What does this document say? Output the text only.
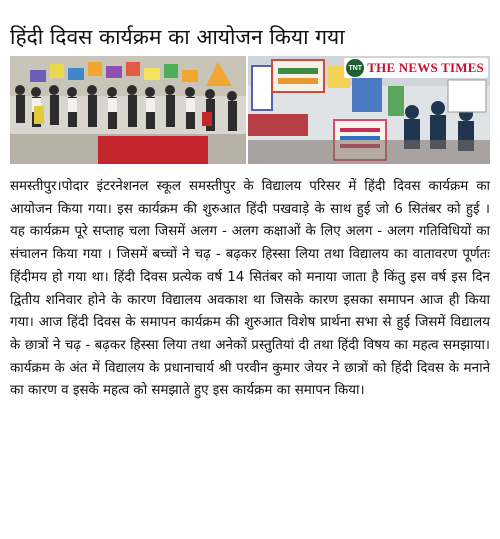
हिंदी दिवस कार्यक्रम का आयोजन किया गया
TNT THE NEWS TIMES

समस्तीपुर।पोदार इंटरनेशनल स्कूल समस्तीपुर के विद्यालय परिसर में हिंदी दिवस कार्यक्रम का आयोजन किया गया। इस कार्यक्रम की शुरुआत हिंदी पखवाड़े के साथ हुई जो 6 सितंबर को हुई । यह कार्यक्रम पूरे सप्ताह चला जिसमें अलग - अलग कक्षाओं के लिए अलग - अलग गतिविधियों का संचालन किया गया । जिसमें बच्चों ने चढ़ - बढ़कर हिस्सा लिया तथा विद्यालय का वातावरण पूर्णतः हिंदीमय हो गया था। हिंदी दिवस प्रत्येक वर्ष 14 सितंबर को मनाया जाता है किंतु इस वर्ष इस दिन द्वितीय शनिवार होने के कारण विद्यालय अवकाश था जिसके कारण इसका समापन आज ही किया गया। आज हिंदी दिवस के समापन कार्यक्रम की शुरुआत विशेष प्रार्थना सभा से हुई जिसमें विद्यालय के छात्रों ने चढ़ - बढ़कर हिस्सा लिया तथा अनेकों प्रस्तुतियां दी तथा हिंदी विषय का महत्व समझाया। कार्यक्रम के अंत में विद्यालय के प्रधानाचार्य श्री परवीन कुमार जेयर ने छात्रों को हिंदी दिवस के मनाने का कारण व इसके महत्व को समझाते हुए इस कार्यक्रम का समापन किया।
